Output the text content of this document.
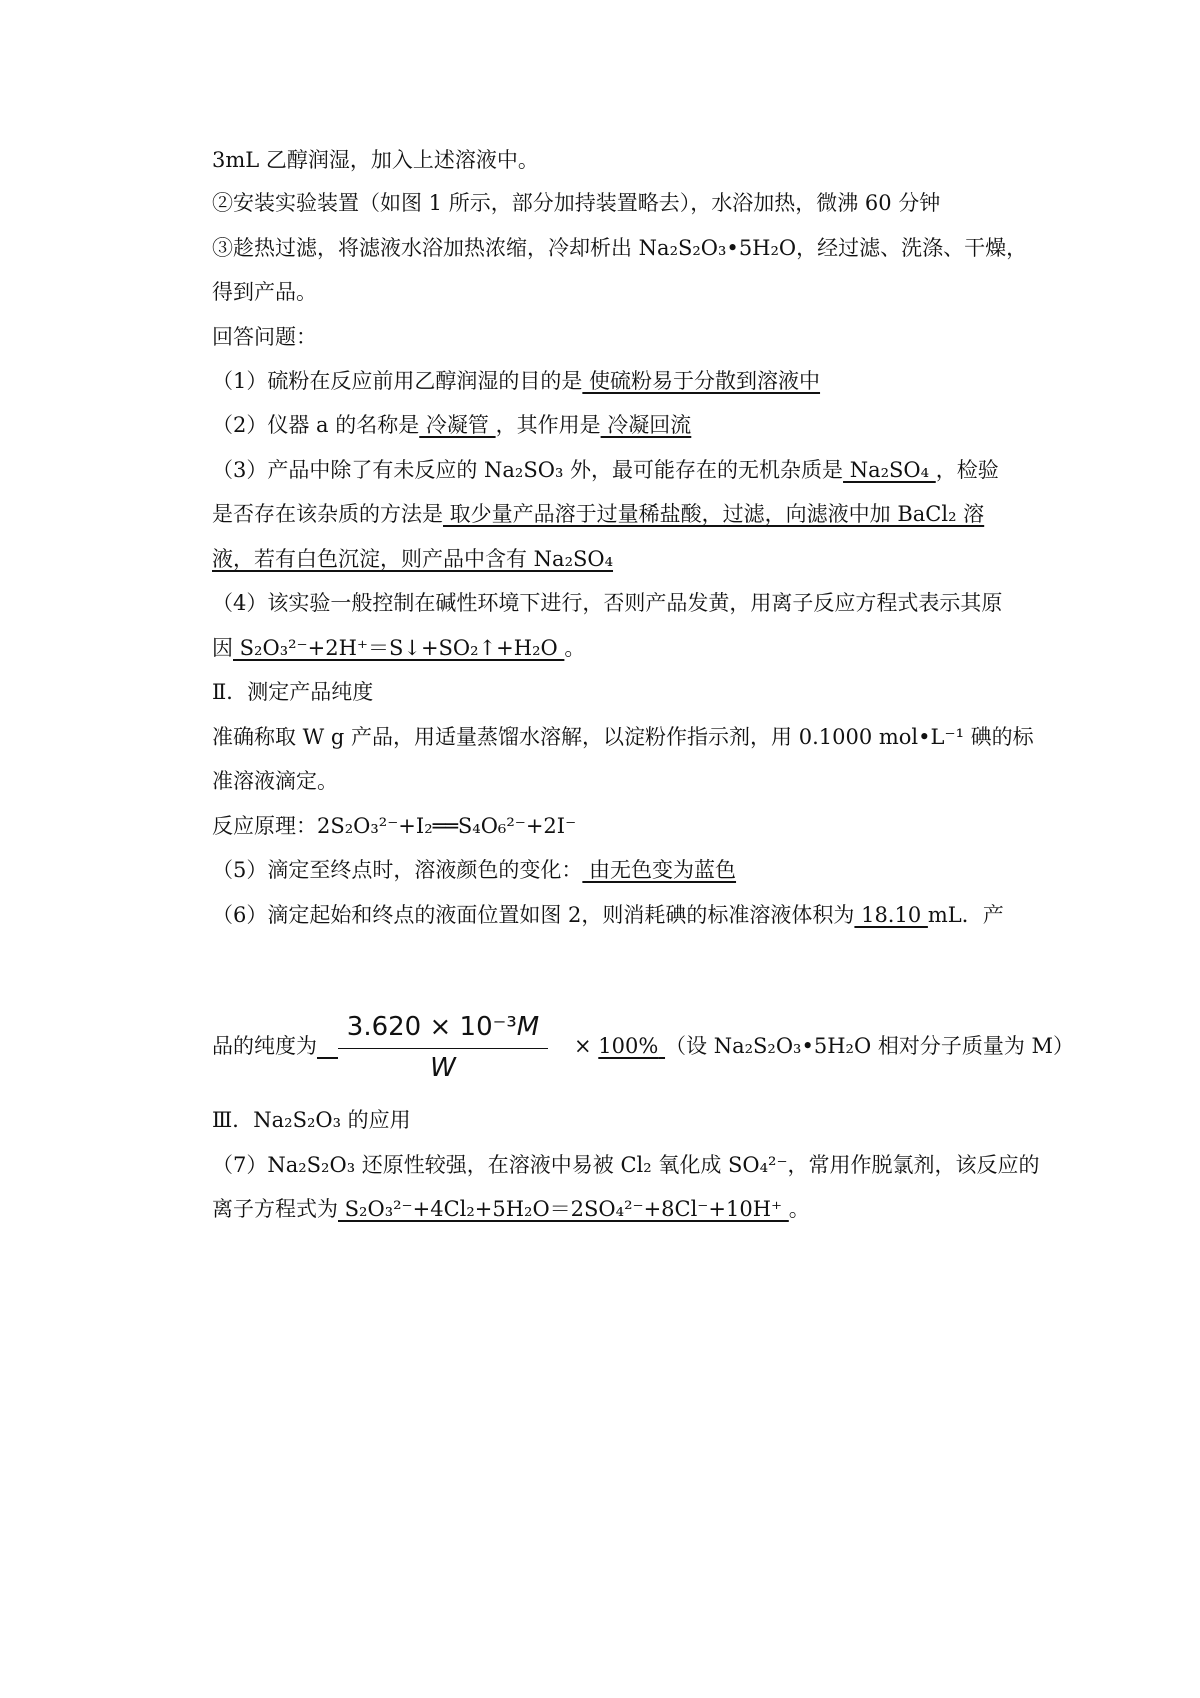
3mL 乙醇润湿，加入上述溶液中。
②安装实验装置（如图 1 所示，部分加持装置略去），水浴加热，微沸 60 分钟
③趁热过滤，将滤液水浴加热浓缩，冷却析出 Na₂S₂O₃•5H₂O，经过滤、洗涤、干燥，
得到产品。
回答问题：
（1）硫粉在反应前用乙醇润湿的目的是 使硫粉易于分散到溶液中
（2）仪器 a 的名称是 冷凝管 ，其作用是 冷凝回流
（3）产品中除了有未反应的 Na₂SO₃ 外，最可能存在的无机杂质是 Na₂SO₄ ，检验
是否存在该杂质的方法是 取少量产品溶于过量稀盐酸，过滤，向滤液中加 BaCl₂ 溶
液，若有白色沉淀，则产品中含有 Na₂SO₄
（4）该实验一般控制在碱性环境下进行，否则产品发黄，用离子反应方程式表示其原
因 S₂O₃²⁻+2H⁺＝S↓+SO₂↑+H₂O 。
Ⅱ．测定产品纯度
准确称取 W g 产品，用适量蒸馏水溶解，以淀粉作指示剂，用 0.1000 mol•L⁻¹ 碘的标
准溶液滴定。
反应原理：2S₂O₃²⁻+I₂══S₄O₆²⁻+2I⁻
（5）滴定至终点时，溶液颜色的变化： 由无色变为蓝色
（6）滴定起始和终点的液面位置如图 2，则消耗碘的标准溶液体积为 18.10 mL．产
3.620 × 10⁻³M
W
品的纯度为__	× 100% （设 Na₂S₂O₃•5H₂O 相对分子质量为 M）
Ⅲ．Na₂S₂O₃ 的应用
（7）Na₂S₂O₃ 还原性较强，在溶液中易被 Cl₂ 氧化成 SO₄²⁻，常用作脱氯剂，该反应的
离子方程式为 S₂O₃²⁻+4Cl₂+5H₂O＝2SO₄²⁻+8Cl⁻+10H⁺ 。
